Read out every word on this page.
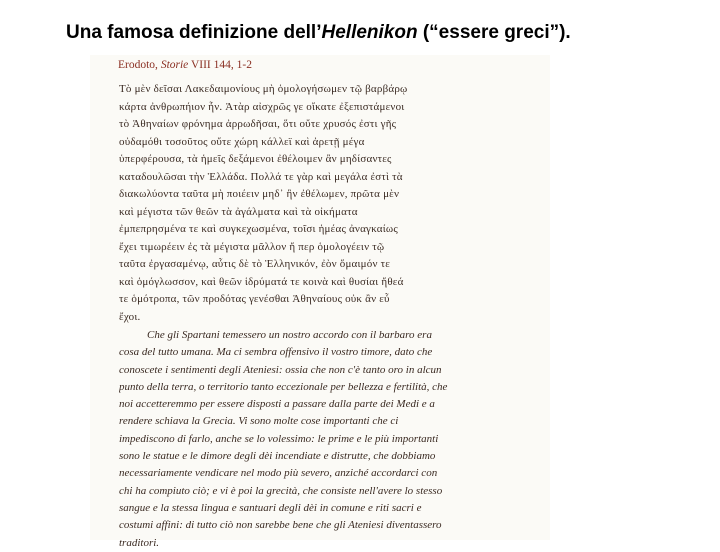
Una famosa definizione dell’Hellenikon (“essere greci”).
Erodoto, Storie VIII 144, 1-2
Τὸ μὲν δεῖσαι Λακεδαιμονίους μὴ ὁμολογήσωμεν τῷ βαρβάρῳ
κάρτα ἀνθρωπήιον ἦν. Ἀτὰρ αἰσχρῶς γε οἴκατε ἐξεπιστάμενοι
τὸ Ἀθηναίων φρόνημα ἀρρωδῆσαι, ὅτι οὔτε χρυσός ἐστι γῆς
οὐδαμόθι τοσοῦτος οὔτε χώρη κάλλεϊ καὶ ἀρετῇ μέγα
ὑπερφέρουσα, τὰ ἡμεῖς δεξάμενοι ἐθέλοιμεν ἂν μηδίσαντες
καταδουλῶσαι τὴν Ἑλλάδα. Πολλά τε γὰρ καὶ μεγάλα ἐστὶ τὰ
διακωλύοντα ταῦτα μὴ ποιέειν μηδ᾽ ἢν ἐθέλωμεν, πρῶτα μὲν
καὶ μέγιστα τῶν θεῶν τὰ ἀγάλματα καὶ τὰ οἰκήματα
ἐμπεπρησμένα τε καὶ συγκεχωσμένα, τοῖσι ἡμέας ἀναγκαίως
ἔχει τιμωρέειν ἐς τὰ μέγιστα μᾶλλον ἤ περ ὁμολογέειν τῷ
ταῦτα ἐργασαμένῳ, αὖτις δὲ τὸ Ἑλληνικόν, ἐὸν ὅμαιμόν τε
καὶ ὁμόγλωσσον, καὶ θεῶν ἱδρύματά τε κοινὰ καὶ θυσίαι ἤθεά
τε ὁμότροπα, τῶν προδότας γενέσθαι Ἀθηναίους οὐκ ἂν εὖ
ἔχοι.
Che gli Spartani temessero un nostro accordo con il barbaro era
cosa del tutto umana. Ma ci sembra offensivo il vostro timore, dato che
conoscete i sentimenti degli Ateniesi: ossia che non c'è tanto oro in alcun
punto della terra, o territorio tanto eccezionale per bellezza e fertilità, che
noi accetteremmo per essere disposti a passare dalla parte dei Medi e a
rendere schiava la Grecia. Vi sono molte cose importanti che ci
impediscono di farlo, anche se lo volessimo: le prime e le più importanti
sono le statue e le dimore degli dèi incendiate e distrutte, che dobbiamo
necessariamente vendicare nel modo più severo, anziché accordarci con
chi ha compiuto ciò; e vi è poi la grecità, che consiste nell'avere lo stesso
sangue e la stessa lingua e santuari degli dèi in comune e riti sacri e
costumi affini: di tutto ciò non sarebbe bene che gli Ateniesi diventassero
traditori.
